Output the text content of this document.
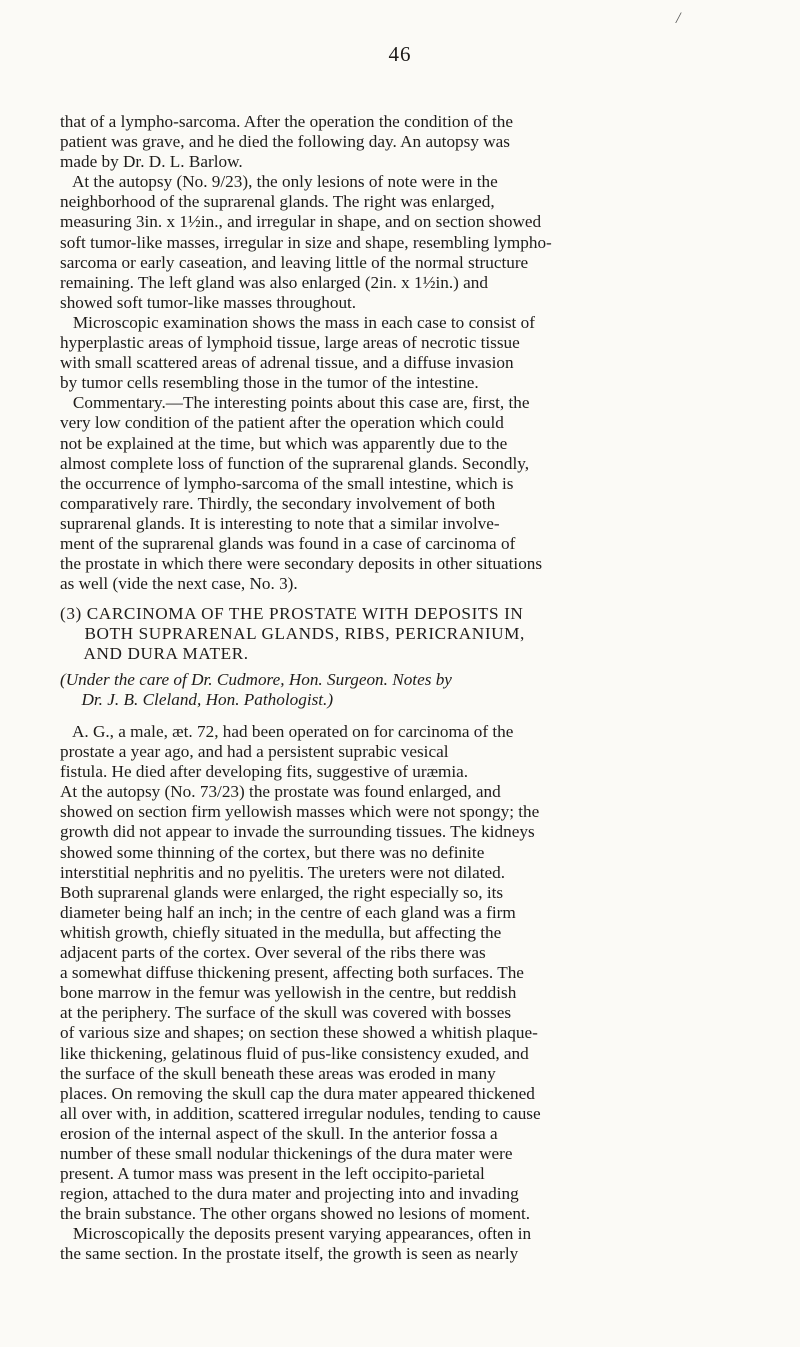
/
46
that of a lympho-sarcoma. After the operation the condition of the
patient was grave, and he died the following day. An autopsy was
made by Dr. D. L. Barlow.
At the autopsy (No. 9/23), the only lesions of note were in the
neighborhood of the suprarenal glands. The right was enlarged,
measuring 3in. x 1½in., and irregular in shape, and on section showed
soft tumor-like masses, irregular in size and shape, resembling lympho-
sarcoma or early caseation, and leaving little of the normal structure
remaining. The left gland was also enlarged (2in. x 1½in.) and
showed soft tumor-like masses throughout.
Microscopic examination shows the mass in each case to consist of
hyperplastic areas of lymphoid tissue, large areas of necrotic tissue
with small scattered areas of adrenal tissue, and a diffuse invasion
by tumor cells resembling those in the tumor of the intestine.
Commentary.—The interesting points about this case are, first, the
very low condition of the patient after the operation which could
not be explained at the time, but which was apparently due to the
almost complete loss of function of the suprarenal glands. Secondly,
the occurrence of lympho-sarcoma of the small intestine, which is
comparatively rare. Thirdly, the secondary involvement of both
suprarenal glands. It is interesting to note that a similar involve-
ment of the suprarenal glands was found in a case of carcinoma of
the prostate in which there were secondary deposits in other situations
as well (vide the next case, No. 3).
(3) CARCINOMA OF THE PROSTATE WITH DEPOSITS IN
BOTH SUPRARENAL GLANDS, RIBS, PERICRANIUM,
AND DURA MATER.
(Under the care of Dr. Cudmore, Hon. Surgeon. Notes by
Dr. J. B. Cleland, Hon. Pathologist.)
A. G., a male, æt. 72, had been operated on for carcinoma of the
prostate a year ago, and had a persistent suprabic vesical
fistula. He died after developing fits, suggestive of uræmia.
At the autopsy (No. 73/23) the prostate was found enlarged, and
showed on section firm yellowish masses which were not spongy; the
growth did not appear to invade the surrounding tissues. The kidneys
showed some thinning of the cortex, but there was no definite
interstitial nephritis and no pyelitis. The ureters were not dilated.
Both suprarenal glands were enlarged, the right especially so, its
diameter being half an inch; in the centre of each gland was a firm
whitish growth, chiefly situated in the medulla, but affecting the
adjacent parts of the cortex. Over several of the ribs there was
a somewhat diffuse thickening present, affecting both surfaces. The
bone marrow in the femur was yellowish in the centre, but reddish
at the periphery. The surface of the skull was covered with bosses
of various size and shapes; on section these showed a whitish plaque-
like thickening, gelatinous fluid of pus-like consistency exuded, and
the surface of the skull beneath these areas was eroded in many
places. On removing the skull cap the dura mater appeared thickened
all over with, in addition, scattered irregular nodules, tending to cause
erosion of the internal aspect of the skull. In the anterior fossa a
number of these small nodular thickenings of the dura mater were
present. A tumor mass was present in the left occipito-parietal
region, attached to the dura mater and projecting into and invading
the brain substance. The other organs showed no lesions of moment.
Microscopically the deposits present varying appearances, often in
the same section. In the prostate itself, the growth is seen as nearly
